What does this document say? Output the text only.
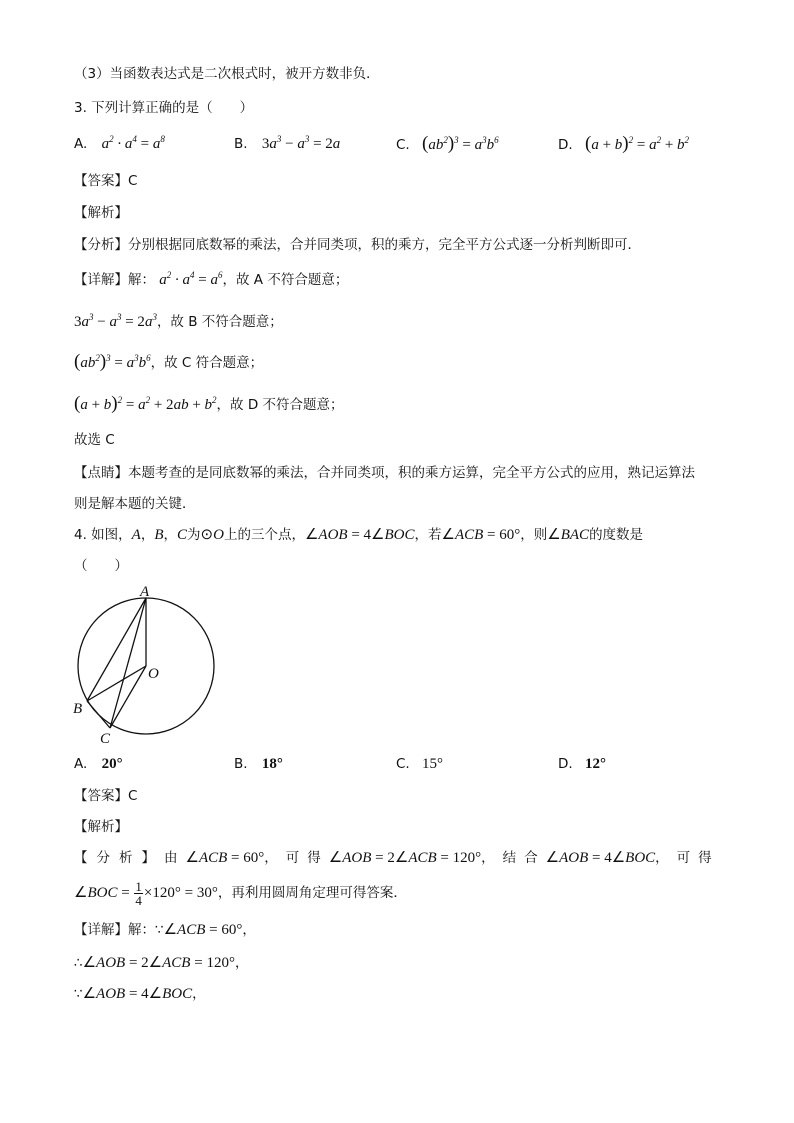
（3）当函数表达式是二次根式时，被开方数非负．
3. 下列计算正确的是（　　）
A. $a^2 \cdot a^4 = a^8$	B. $3a^3 - a^3 = 2a$	C. $(ab^2)^3 = a^3b^6$	D. $(a + b)^2 = a^2 + b^2$
【答案】C
【解析】
【分析】分别根据同底数幂的乘法，合并同类项，积的乘方，完全平方公式逐一分析判断即可．
【详解】解： $a^2 \cdot a^4 = a^6$，故 A 不符合题意；
$3a^3 - a^3 = 2a^3$，故 B 不符合题意；
$(ab^2)^3 = a^3b^6$，故 C 符合题意；
$(a + b)^2 = a^2 + 2ab + b^2$，故 D 不符合题意；
故选 C
【点睛】本题考查的是同底数幂的乘法，合并同类项，积的乘方运算，完全平方公式的应用，熟记运算法
则是解本题的关键．
4. 如图，A，B，C为⊙O上的三个点，∠AOB = 4∠BOC，若∠ACB = 60°，则∠BAC的度数是
（　　）
A
O
B
C
A. 20°	B. 18°	C. 15°	D. 12°
【答案】C
【解析】
【分析】由 ∠ACB = 60°，可得∠AOB = 2∠ACB = 120°，结合∠AOB = 4∠BOC，可得
∠BOC = $\frac{1}{4} \times 120^\circ = 30^\circ$，再利用圆周角定理可得答案．
【详解】解：∵∠ACB = 60°，
∴∠AOB = 2∠ACB = 120°，
∵∠AOB = 4∠BOC，
